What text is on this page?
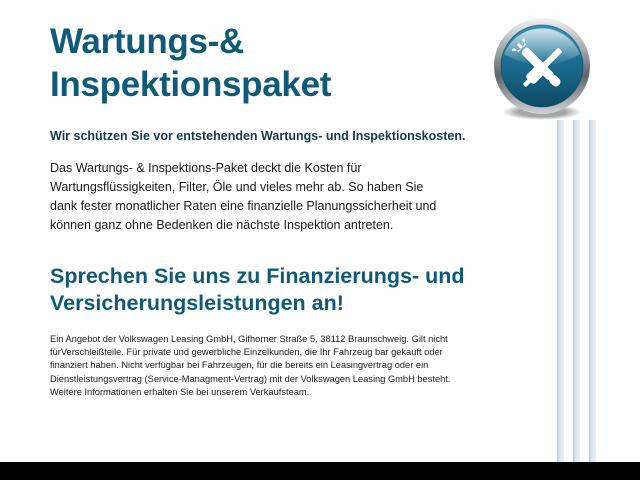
Wartungs-&
Inspektionspaket

Wir schützen Sie vor entstehenden Wartungs- und Inspektionskosten.

Das Wartungs- & Inspektions-Paket deckt die Kosten für Wartungsflüssigkeiten, Filter, Öle und vieles mehr ab. So haben Sie dank fester monatlicher Raten eine finanzielle Planungssicherheit und können ganz ohne Bedenken die nächste Inspektion antreten.

Sprechen Sie uns zu Finanzierungs- und
Versicherungsleistungen an!

Ein Angebot der Volkswagen Leasing GmbH, Gifhorner Straße 5, 38112 Braunschweig. Gilt nicht fürVerschleißteile. Für private und gewerbliche Einzelkunden, die Ihr Fahrzeug bar gekauft oder finanziert haben. Nicht verfügbar bei Fahrzeugen, für die bereits ein Leasingvertrag oder ein Dienstleistungsvertrag (Service-Managment-Vertrag) mit der Volkswagen Leasing GmbH besteht. Weitere Informationen erhalten Sie bei unserem Verkaufsteam.
